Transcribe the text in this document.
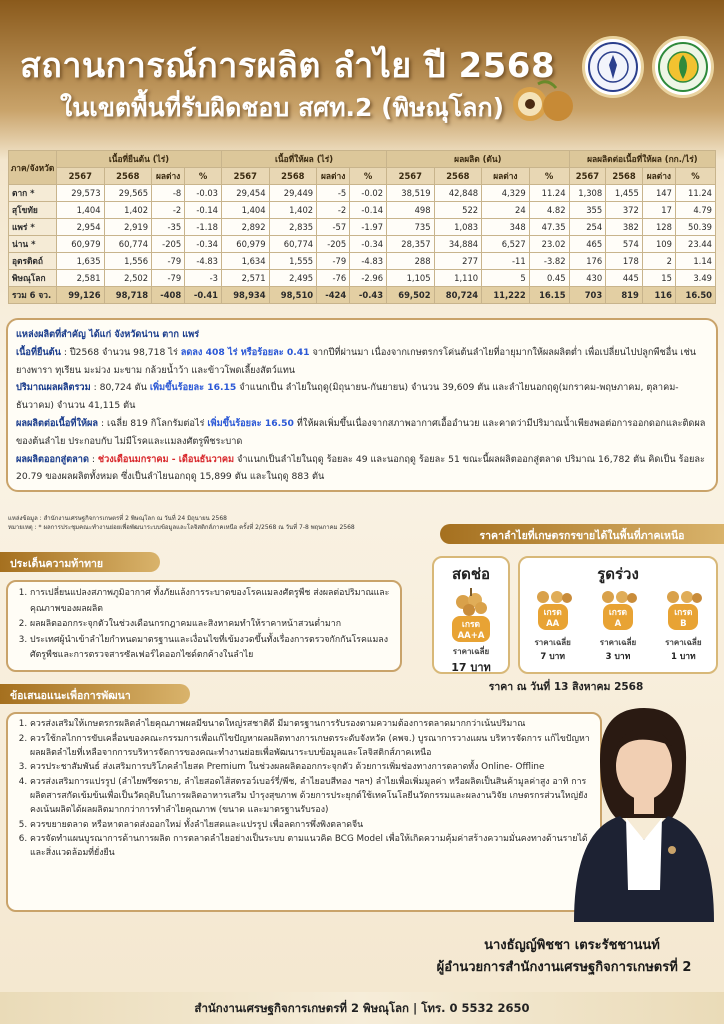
สถานการณ์การผลิต ลำไย ปี 2568
ในเขตพื้นที่รับผิดชอบ สศท.2 (พิษณุโลก)
ภาค/จังหวัด	เนื้อที่ยืนต้น (ไร่)				เนื้อที่ให้ผล (ไร่)				ผลผลิต (ตัน)				ผลผลิตต่อเนื้อที่ให้ผล (กก./ไร่)			
	2567	2568	ผลต่าง	%	2567	2568	ผลต่าง	%	2567	2568	ผลต่าง	%	2567	2568	ผลต่าง	%
ตาก *	29,573	29,565	-8	-0.03	29,454	29,449	-5	-0.02	38,519	42,848	4,329	11.24	1,308	1,455	147	11.24
สุโขทัย	1,404	1,402	-2	-0.14	1,404	1,402	-2	-0.14	498	522	24	4.82	355	372	17	4.79
แพร่ *	2,954	2,919	-35	-1.18	2,892	2,835	-57	-1.97	735	1,083	348	47.35	254	382	128	50.39
น่าน *	60,979	60,774	-205	-0.34	60,979	60,774	-205	-0.34	28,357	34,884	6,527	23.02	465	574	109	23.44
อุตรดิตถ์	1,635	1,556	-79	-4.83	1,634	1,555	-79	-4.83	288	277	-11	-3.82	176	178	2	1.14
พิษณุโลก	2,581	2,502	-79	-3	2,571	2,495	-76	-2.96	1,105	1,110	5	0.45	430	445	15	3.49
รวม 6 จว.	99,126	98,718	-408	-0.41	98,934	98,510	-424	-0.43	69,502	80,724	11,222	16.15	703	819	116	16.50

แหล่งผลิตที่สำคัญ ได้แก่ จังหวัดน่าน ตาก แพร่

เนื้อที่ยืนต้น : ปี2568 จำนวน 98,718 ไร่ ลดลง 408 ไร่ หรือร้อยละ 0.41 จากปีที่ผ่านมา เนื่องจากเกษตรกรโค่นต้นลำไยที่อายุมากให้ผลผลิตต่ำ เพื่อเปลี่ยนไปปลูกพืชอื่น เช่น ยางพารา ทุเรียน มะม่วง มะขาม กล้วยน้ำว้า และข้าวโพดเลี้ยงสัตว์แทน

ปริมาณผลผลิตรวม : 80,724 ตัน เพิ่มขึ้นร้อยละ 16.15 จำแนกเป็น ลำไยในฤดู(มิถุนายน-กันยายน) จำนวน 39,609 ตัน และลำไยนอกฤดู(มกราคม-พฤษภาคม, ตุลาคม-ธันวาคม) จำนวน 41,115 ตัน

ผลผลิตต่อเนื้อที่ให้ผล : เฉลี่ย 819 กิโลกรัมต่อไร่ เพิ่มขึ้นร้อยละ 16.50 ที่ให้ผลเพิ่มขึ้นเนื่องจากสภาพอากาศเอื้ออำนวย และคาดว่ามีปริมาณน้ำเพียงพอต่อการออกดอกและติดผลของต้นลำไย ประกอบกับ ไม่มีโรคและแมลงศัตรูพืชระบาด

ผลผลิตออกสู่ตลาด : ช่วงเดือนมกราคม - เดือนธันวาคม จำแนกเป็นลำไยในฤดู ร้อยละ 49 และนอกฤดู ร้อยละ 51 ขณะนี้ผลผลิตออกสู่ตลาด ปริมาณ 16,782 ตัน คิดเป็น ร้อยละ 20.79 ของผลผลิตทั้งหมด ซึ่งเป็นลำไยนอกฤดู 15,899 ตัน และในฤดู 883 ตัน

แหล่งข้อมูล : สำนักงานเศรษฐกิจการเกษตรที่ 2 พิษณุโลก ณ วันที่ 24 มิถุนายน 2568
หมายเหตุ : * ผลการประชุมคณะทำงานย่อยเพื่อพัฒนาระบบข้อมูลและโลจิสติกส์ภาคเหนือ ครั้งที่ 2/2568 ณ วันที่ 7-8 พฤษภาคม 2568
ประเด็นความท้าทาย
1. การเปลี่ยนแปลงสภาพภูมิอากาศ ทั้งภัยแล้งการระบาดของโรคแมลงศัตรูพืช ส่งผลต่อปริมาณและคุณภาพของผลผลิต
2. ผลผลิตออกกระจุกตัวในช่วงเดือนกรกฎาคมและสิงหาคมทำให้ราคาหน้าสวนต่ำมาก
3. ประเทศผู้นำเข้าลำไยกำหนดมาตรฐานและเงื่อนไขที่เข้มงวดขึ้นทั้งเรื่องการตรวจกักกันโรคแมลงศัตรูพืชและการตรวจสารซัลเฟอร์ไดออกไซด์ตกค้างในลำไย
ราคาลำไยที่เกษตรกรขายได้ในพื้นที่ภาคเหนือ
สดช่อ
เกรด
AA+A
ราคาเฉลี่ย
17 บาท
รูดร่วง
เกรด
AA
ราคาเฉลี่ย
7 บาท
เกรด
A
ราคาเฉลี่ย
3 บาท
เกรด
B
ราคาเฉลี่ย
1 บาท
ราคา ณ วันที่ 13 สิงหาคม 2568
ข้อเสนอแนะเพื่อการพัฒนา
1. ควรส่งเสริมให้เกษตรกรผลิตลำไยคุณภาพผลมีขนาดใหญ่รสชาติดี มีมาตรฐานการรับรองตามความต้องการตลาดมากกว่าเน้นปริมาณ
2. ควรใช้กลไกการขับเคลื่อนของคณะกรรมการเพื่อแก้ไขปัญหาผลผลิตทางการเกษตรระดับจังหวัด (คพจ.) บูรณาการวางแผน บริหารจัดการ แก้ไขปัญหาผลผลิตลำไยที่เหลือจากการบริหารจัดการของคณะทำงานย่อยเพื่อพัฒนาระบบข้อมูลและโลจิสติกส์ภาคเหนือ
3. ควรประชาสัมพันธ์ ส่งเสริมการบริโภคลำไยสด Premium ในช่วงผลผลิตออกกระจุกตัว ด้วยการเพิ่มช่องทางการตลาดทั้ง Online- Offline
4. ควรส่งเสริมการแปรรูป (ลำไยพรีซดราย, ลำไยสอดไส้สตรอว์เบอร์รี่/พีช, ลำไยอบสีทอง ฯลฯ) ลำไยเพื่อเพิ่มมูลค่า หรือผลิตเป็นสินค้ามูลค่าสูง อาทิ การผลิตสารสกัดเข้มข้นเพื่อเป็นวัตถุดิบในการผลิตอาหารเสริม บำรุงสุขภาพ ด้วยการประยุกต์ใช้เทคโนโลยีนวัตกรรมและผลงานวิจัย เกษตรกรส่วนใหญ่ยังคงเน้นผลิตได้ผลผลิตมากกว่าการทำลำไยคุณภาพ (ขนาด และมาตรฐานรับรอง)
5. ควรขยายตลาด หรือหาตลาดส่งออกใหม่ ทั้งลำไยสดและแปรรูป เพื่อลดการพึ่งพิงตลาดจีน
6. ควรจัดทำแผนบูรณาการด้านการผลิต การตลาดลำไยอย่างเป็นระบบ ตามแนวคิด BCG Model เพื่อให้เกิดความคุ้มค่าสร้างความมั่นคงทางด้านรายได้ และสิ่งแวดล้อมที่ยั่งยืน
นางธัญญ์พิชชา เตระรัชชานนท์
ผู้อำนวยการสำนักงานเศรษฐกิจการเกษตรที่ 2
สำนักงานเศรษฐกิจการเกษตรที่ 2 พิษณุโลก | โทร. 0 5532 2650
